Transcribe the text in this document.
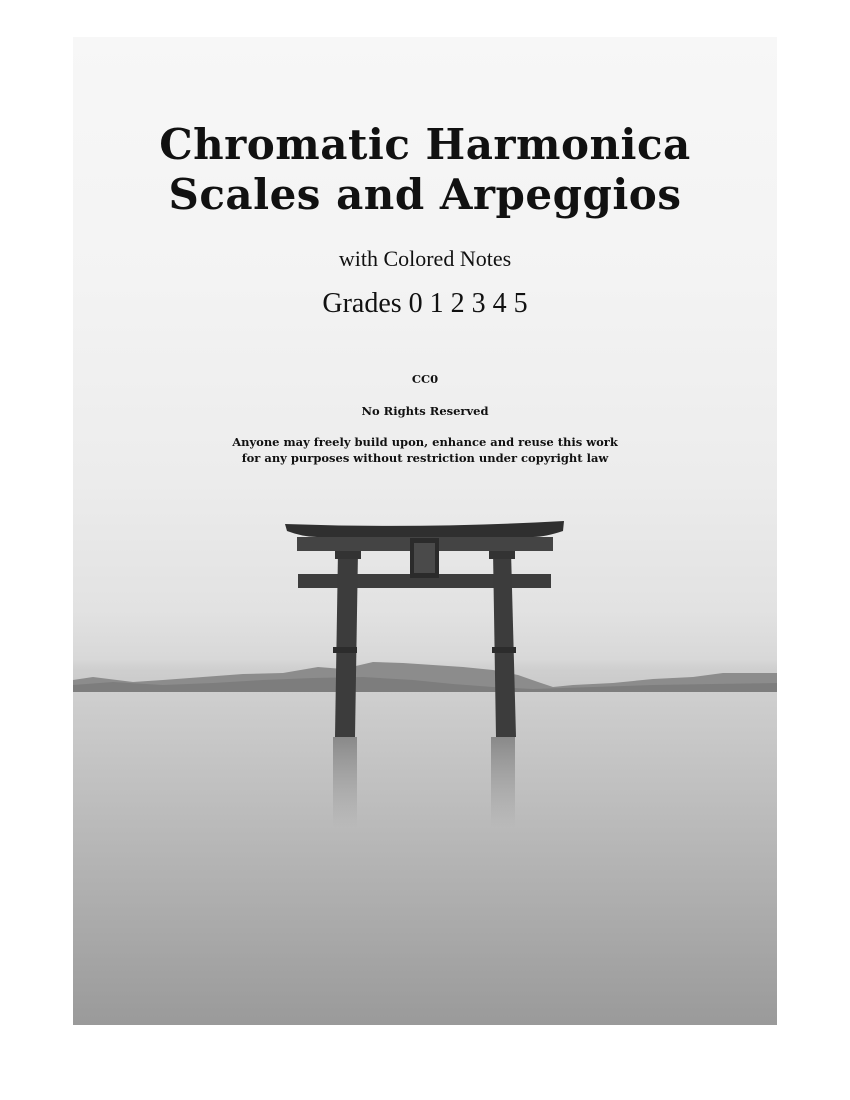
Chromatic Harmonica
Scales and Arpeggios
with Colored Notes
Grades 0 1 2 3 4 5
CC0
No Rights Reserved
Anyone may freely build upon, enhance and reuse this work
for any purposes without restriction under copyright law
